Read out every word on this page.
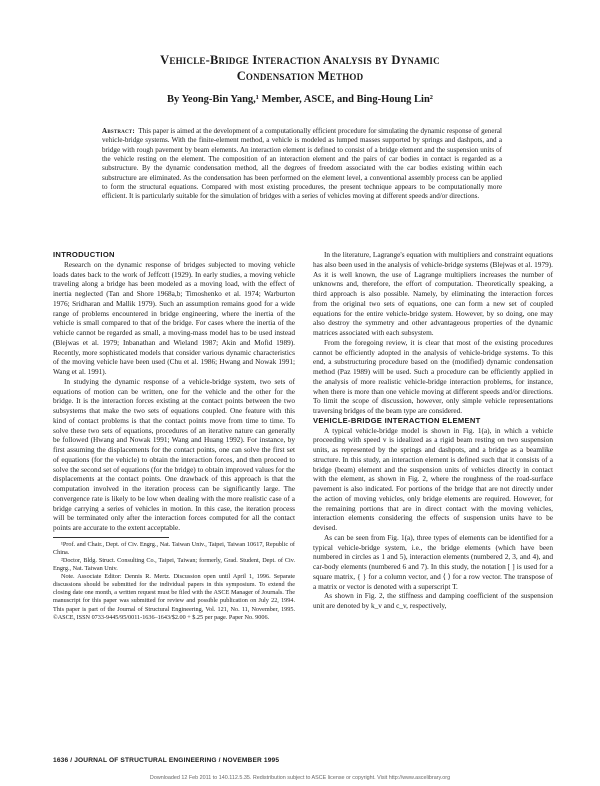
Vehicle-Bridge Interaction Analysis by Dynamic
Condensation Method
By Yeong-Bin Yang,¹ Member, ASCE, and Bing-Houng Lin²
Abstract: This paper is aimed at the development of a computationally efficient procedure for simulating the dynamic response of general vehicle-bridge systems. With the finite-element method, a vehicle is modeled as lumped masses supported by springs and dashpots, and a bridge with rough pavement by beam elements. An interaction element is defined to consist of a bridge element and the suspension units of the vehicle resting on the element. The composition of an interaction element and the pairs of car bodies in contact is regarded as a substructure. By the dynamic condensation method, all the degrees of freedom associated with the car bodies existing within each substructure are eliminated. As the condensation has been performed on the element level, a conventional assembly process can be applied to form the structural equations. Compared with most existing procedures, the present technique appears to be computationally more efficient. It is particularly suitable for the simulation of bridges with a series of vehicles moving at different speeds and/or directions.

INTRODUCTION

Research on the dynamic response of bridges subjected to moving vehicle loads dates back to the work of Jeffcott (1929). In early studies, a moving vehicle traveling along a bridge has been modeled as a moving load, with the effect of inertia neglected (Tan and Shore 1968a,b; Timoshenko et al. 1974; Warburton 1976; Sridharan and Mallik 1979). Such an assumption remains good for a wide range of problems encountered in bridge engineering, where the inertia of the vehicle is small compared to that of the bridge. For cases where the inertia of the vehicle cannot be regarded as small, a moving-mass model has to be used instead (Blejwas et al. 1979; Inbanathan and Wieland 1987; Akin and Mofid 1989). Recently, more sophisticated models that consider various dynamic characteristics of the moving vehicle have been used (Chu et al. 1986; Hwang and Nowak 1991; Wang et al. 1991).

In studying the dynamic response of a vehicle-bridge system, two sets of equations of motion can be written, one for the vehicle and the other for the bridge. It is the interaction forces existing at the contact points between the two subsystems that make the two sets of equations coupled. One feature with this kind of contact problems is that the contact points move from time to time. To solve these two sets of equations, procedures of an iterative nature can generally be followed (Hwang and Nowak 1991; Wang and Huang 1992). For instance, by first assuming the displacements for the contact points, one can solve the first set of equations (for the vehicle) to obtain the interaction forces, and then proceed to solve the second set of equations (for the bridge) to obtain improved values for the displacements at the contact points. One drawback of this approach is that the computation involved in the iteration process can be significantly large. The convergence rate is likely to be low when dealing with the more realistic case of a bridge carrying a series of vehicles in motion. In this case, the iteration process will be terminated only after the interaction forces computed for all the contact points are accurate to the extent acceptable.

¹Prof. and Chair., Dept. of Civ. Engrg., Nat. Taiwan Univ., Taipei, Taiwan 10617, Republic of China.
²Doctor, Bldg. Struct. Consulting Co., Taipei, Taiwan; formerly, Grad. Student, Dept. of Civ. Engrg., Nat. Taiwan Univ.
Note. Associate Editor: Dennis R. Mertz. Discussion open until April 1, 1996. Separate discussions should be submitted for the individual papers in this symposium. To extend the closing date one month, a written request must be filed with the ASCE Manager of Journals. The manuscript for this paper was submitted for review and possible publication on July 22, 1994. This paper is part of the Journal of Structural Engineering, Vol. 121, No. 11, November, 1995. ©ASCE, ISSN 0733-9445/95/0011-1636–1643/$2.00 + $.25 per page. Paper No. 9006.

In the literature, Lagrange's equation with multipliers and constraint equations has also been used in the analysis of vehicle-bridge systems (Blejwas et al. 1979). As it is well known, the use of Lagrange multipliers increases the number of unknowns and, therefore, the effort of computation. Theoretically speaking, a third approach is also possible. Namely, by eliminating the interaction forces from the original two sets of equations, one can form a new set of coupled equations for the entire vehicle-bridge system. However, by so doing, one may also destroy the symmetry and other advantageous properties of the dynamic matrices associated with each subsystem.

From the foregoing review, it is clear that most of the existing procedures cannot be efficiently adopted in the analysis of vehicle-bridge systems. To this end, a substructuring procedure based on the (modified) dynamic condensation method (Paz 1989) will be used. Such a procedure can be efficiently applied in the analysis of more realistic vehicle-bridge interaction problems, for instance, when there is more than one vehicle moving at different speeds and/or directions. To limit the scope of discussion, however, only simple vehicle representations traversing bridges of the beam type are considered.

VEHICLE-BRIDGE INTERACTION ELEMENT

A typical vehicle-bridge model is shown in Fig. 1(a), in which a vehicle proceeding with speed v is idealized as a rigid beam resting on two suspension units, as represented by the springs and dashpots, and a bridge as a beamlike structure. In this study, an interaction element is defined such that it consists of a bridge (beam) element and the suspension units of vehicles directly in contact with the element, as shown in Fig. 2, where the roughness of the road-surface pavement is also indicated. For portions of the bridge that are not directly under the action of moving vehicles, only bridge elements are required. However, for the remaining portions that are in direct contact with the moving vehicles, interaction elements considering the effects of suspension units have to be devised.

As can be seen from Fig. 1(a), three types of elements can be identified for a typical vehicle-bridge system, i.e., the bridge elements (which have been numbered in circles as 1 and 5), interaction elements (numbered 2, 3, and 4), and car-body elements (numbered 6 and 7). In this study, the notation [ ] is used for a square matrix, { } for a column vector, and ⟨ ⟩ for a row vector. The transpose of a matrix or vector is denoted with a superscript T.

As shown in Fig. 2, the stiffness and damping coefficient of the suspension unit are denoted by k_v and c_v, respectively,

1636 / JOURNAL OF STRUCTURAL ENGINEERING / NOVEMBER 1995
Downloaded 12 Feb 2011 to 140.112.5.35. Redistribution subject to ASCE license or copyright. Visit http://www.ascelibrary.org
